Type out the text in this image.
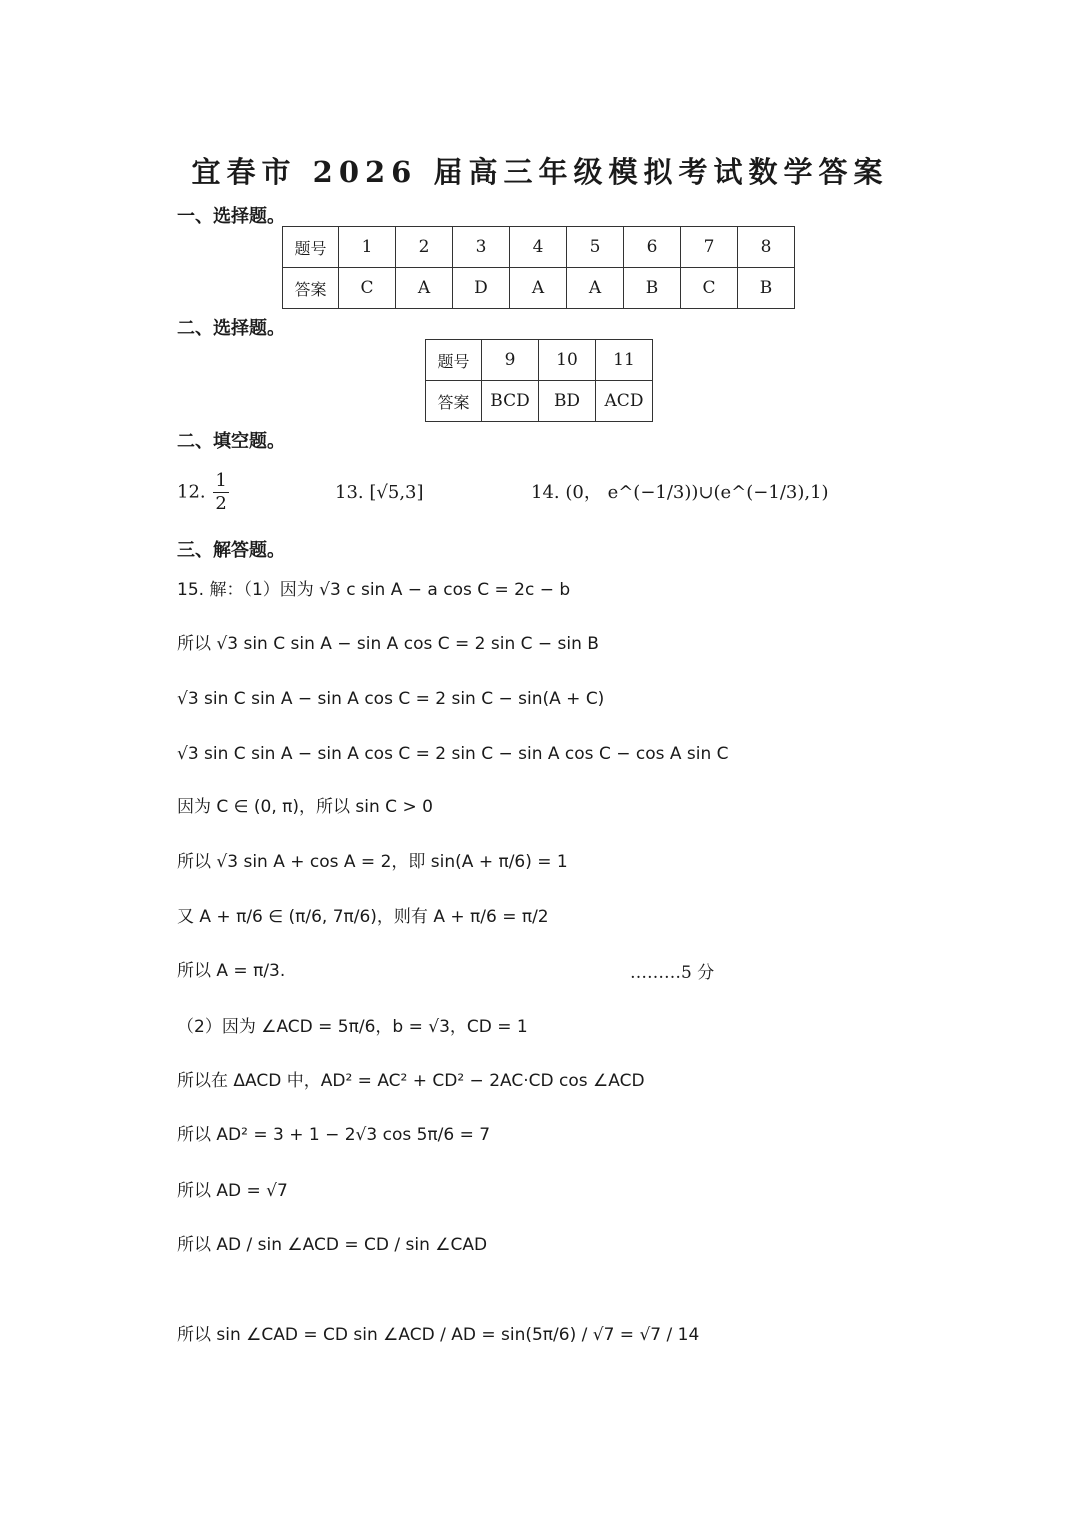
宜春市 2026 届高三年级模拟考试数学答案
一、选择题。
题号	1	2	3	4	5	6	7	8
答案	C	A	D	A	A	B	C	B
二、选择题。
题号	9	10	11
答案	BCD	BD	ACD
二、填空题。
12. $\frac{1}{2}$	13. [√5,3]	14. (0， e^(−1/3))∪(e^(−1/3),1)
三、解答题。
15. 解：（1）因为 √3 c sin A − a cos C = 2c − b
所以 √3 sin C sin A − sin A cos C = 2 sin C − sin B
√3 sin C sin A − sin A cos C = 2 sin C − sin(A + C)
√3 sin C sin A − sin A cos C = 2 sin C − sin A cos C − cos A sin C
因为 C ∈ (0, π)，所以 sin C > 0
所以 √3 sin A + cos A = 2，即 sin(A + π/6) = 1
又 A + π/6 ∈ (π/6, 7π/6)，则有 A + π/6 = π/2
所以 A = π/3.	………5 分
（2）因为 ∠ACD = 5π/6，b = √3，CD = 1
所以在 ΔACD 中，AD² = AC² + CD² − 2AC·CD cos ∠ACD
所以 AD² = 3 + 1 − 2√3 cos 5π/6 = 7
所以 AD = √7
所以 AD / sin ∠ACD = CD / sin ∠CAD
所以 sin ∠CAD = CD sin ∠ACD / AD = sin(5π/6) / √7 = √7 / 14
